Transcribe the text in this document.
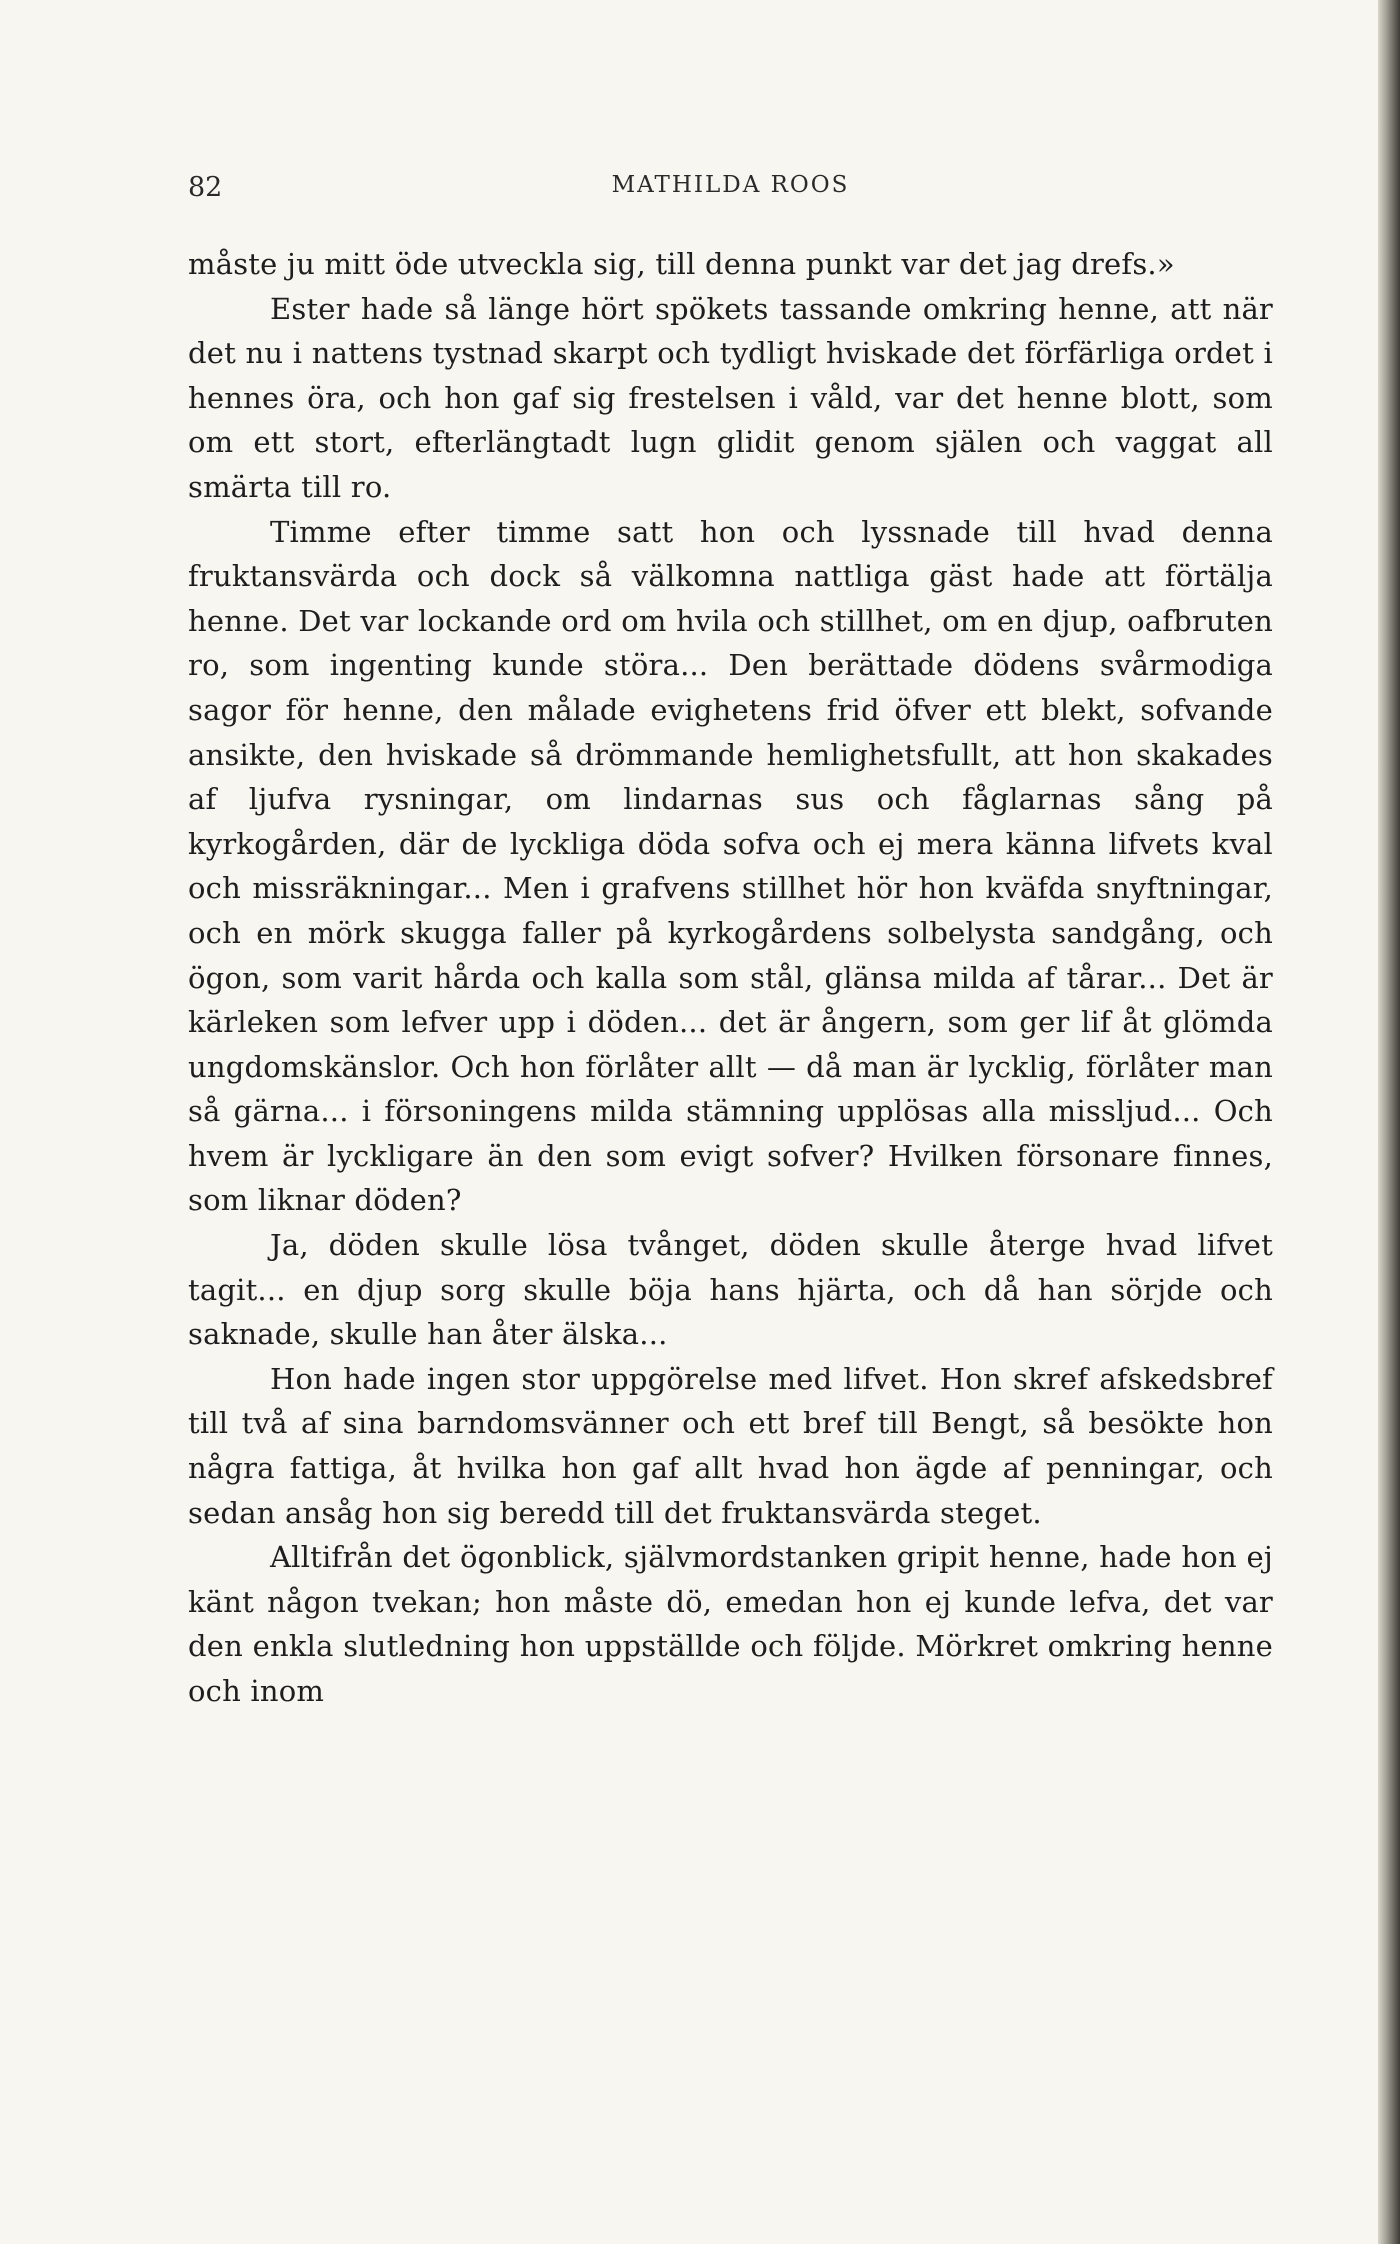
82	MATHILDA ROOS

måste ju mitt öde utveckla sig, till denna punkt var det jag drefs.»

Ester hade så länge hört spökets tassande omkring henne, att när det nu i nattens tystnad skarpt och tydligt hviskade det förfärliga ordet i hennes öra, och hon gaf sig frestelsen i våld, var det henne blott, som om ett stort, efterlängtadt lugn glidit genom själen och vaggat all smärta till ro.

Timme efter timme satt hon och lyssnade till hvad denna fruktansvärda och dock så välkomna nattliga gäst hade att förtälja henne. Det var lockande ord om hvila och stillhet, om en djup, oafbruten ro, som ingenting kunde störa... Den berättade dödens svårmodiga sagor för henne, den målade evighetens frid öfver ett blekt, sofvande ansikte, den hviskade så drömmande hemlighetsfullt, att hon skakades af ljufva rysningar, om lindarnas sus och fåglarnas sång på kyrkogården, där de lyckliga döda sofva och ej mera känna lifvets kval och missräkningar... Men i grafvens stillhet hör hon kväfda snyftningar, och en mörk skugga faller på kyrkogårdens solbelysta sandgång, och ögon, som varit hårda och kalla som stål, glänsa milda af tårar... Det är kärleken som lefver upp i döden... det är ångern, som ger lif åt glömda ungdomskänslor. Och hon förlåter allt — då man är lycklig, förlåter man så gärna... i försoningens milda stämning upplösas alla missljud... Och hvem är lyckligare än den som evigt sofver? Hvilken försonare finnes, som liknar döden?

Ja, döden skulle lösa tvånget, döden skulle återge hvad lifvet tagit... en djup sorg skulle böja hans hjärta, och då han sörjde och saknade, skulle han åter älska...

Hon hade ingen stor uppgörelse med lifvet. Hon skref afskedsbref till två af sina barndomsvänner och ett bref till Bengt, så besökte hon några fattiga, åt hvilka hon gaf allt hvad hon ägde af penningar, och sedan ansåg hon sig beredd till det fruktansvärda steget.

Alltifrån det ögonblick, självmordstanken gripit henne, hade hon ej känt någon tvekan; hon måste dö, emedan hon ej kunde lefva, det var den enkla slutledning hon uppställde och följde. Mörkret omkring henne och inom
